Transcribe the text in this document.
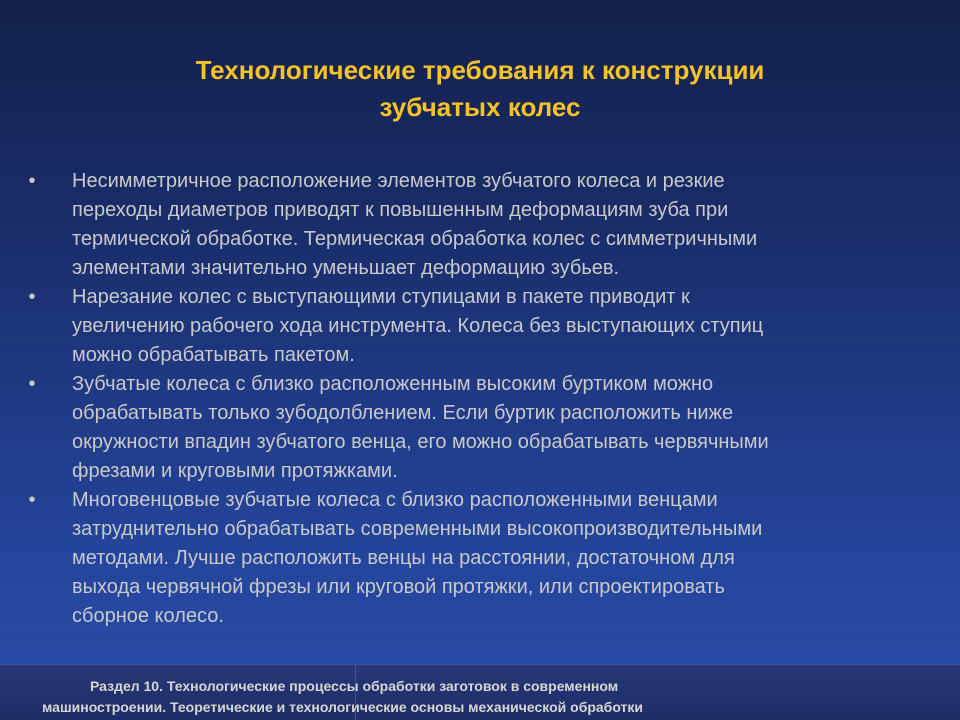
Технологические требования к конструкции
зубчатых колес
•	Несимметричное расположение элементов зубчатого колеса и резкие
переходы диаметров приводят к повышенным деформациям зуба при
термической обработке. Термическая обработка колес с симметричными
элементами значительно уменьшает деформацию зубьев.
•	Нарезание колес с выступающими ступицами в пакете приводит к
увеличению рабочего хода инструмента. Колеса без выступающих ступиц
можно обрабатывать пакетом.
•	Зубчатые колеса с близко расположенным высоким буртиком можно
обрабатывать только зубодолблением. Если буртик расположить ниже
окружности впадин зубчатого венца, его можно обрабатывать червячными
фрезами и круговыми протяжками.
•	Многовенцовые зубчатые колеса с близко расположенными венцами
затруднительно обрабатывать современными высокопроизводительными
методами. Лучше расположить венцы на расстоянии, достаточном для
выхода червячной фрезы или круговой протяжки, или спроектировать
сборное колесо.
Раздел 10. Технологические процессы обработки заготовок в современном
машиностроении. Теоретические и технологические основы механической обработки
